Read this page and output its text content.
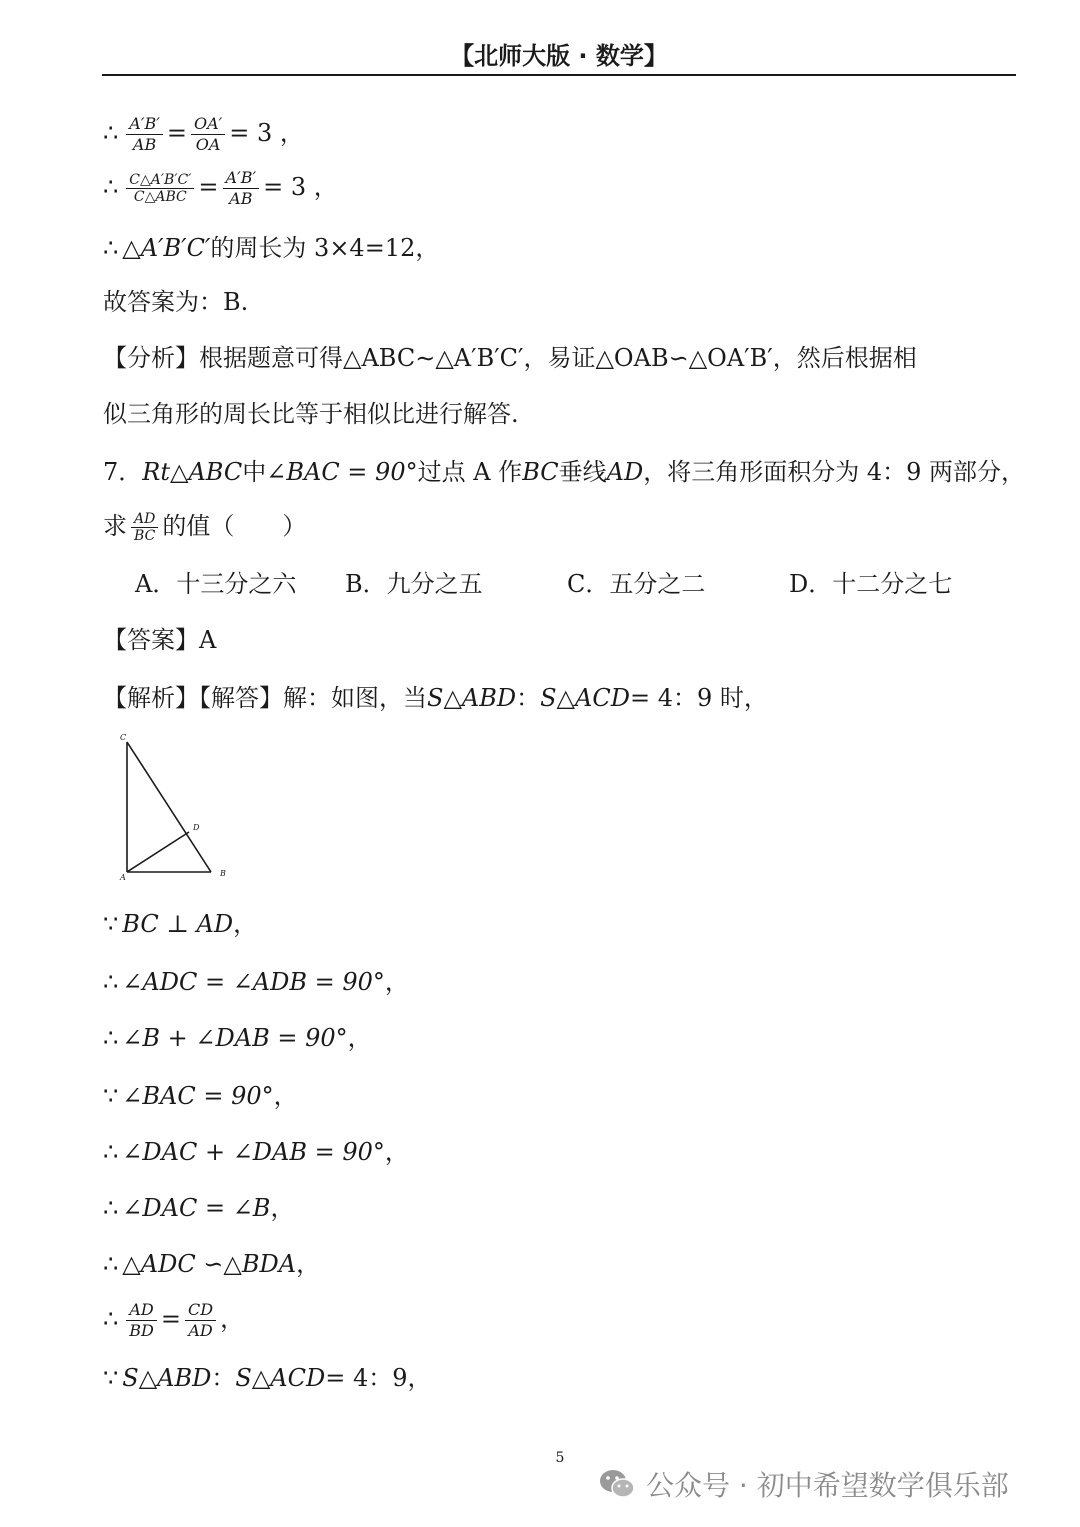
【北师大版 · 数学】
∴ $\frac{A'B'}{AB} = \frac{OA'}{OA} = 3$ ，
∴ $\frac{C\triangle A'B'C'}{\text{C△ABC}} = \frac{A'B'}{AB} = 3$ ，
∴ △A′B′C′的周长为 3×4=12，
故答案为：B.
【分析】根据题意可得△ABC∼△A′B′C′，易证△OAB∽△OA′B′，然后根据相
似三角形的周长比等于相似比进行解答.
7．Rt△ABC中∠BAC = 90°过点 A 作BC垂线AD，将三角形面积分为 4：9 两部分，
求 $\frac{AD}{BC}$ 的值（　　）
A．十三分之六 B．九分之五	C．五分之二	D．十二分之七
【答案】A
【解析】【解答】解：如图，当S△ABD：S△ACD= 4：9 时，
C
D
A	B
∵ BC ⊥ AD，
∴ ∠ADC = ∠ADB = 90°，
∴ ∠B + ∠DAB = 90°，
∵ ∠BAC = 90°，
∴ ∠DAC + ∠DAB = 90°，
∴ ∠DAC = ∠B，
∴ △ADC ∽△BDA，
∴ $\frac{AD}{BD} = \frac{CD}{AD}$ ，
∵ S△ABD：S△ACD= 4：9，
5
公众号 · 初中希望数学俱乐部
